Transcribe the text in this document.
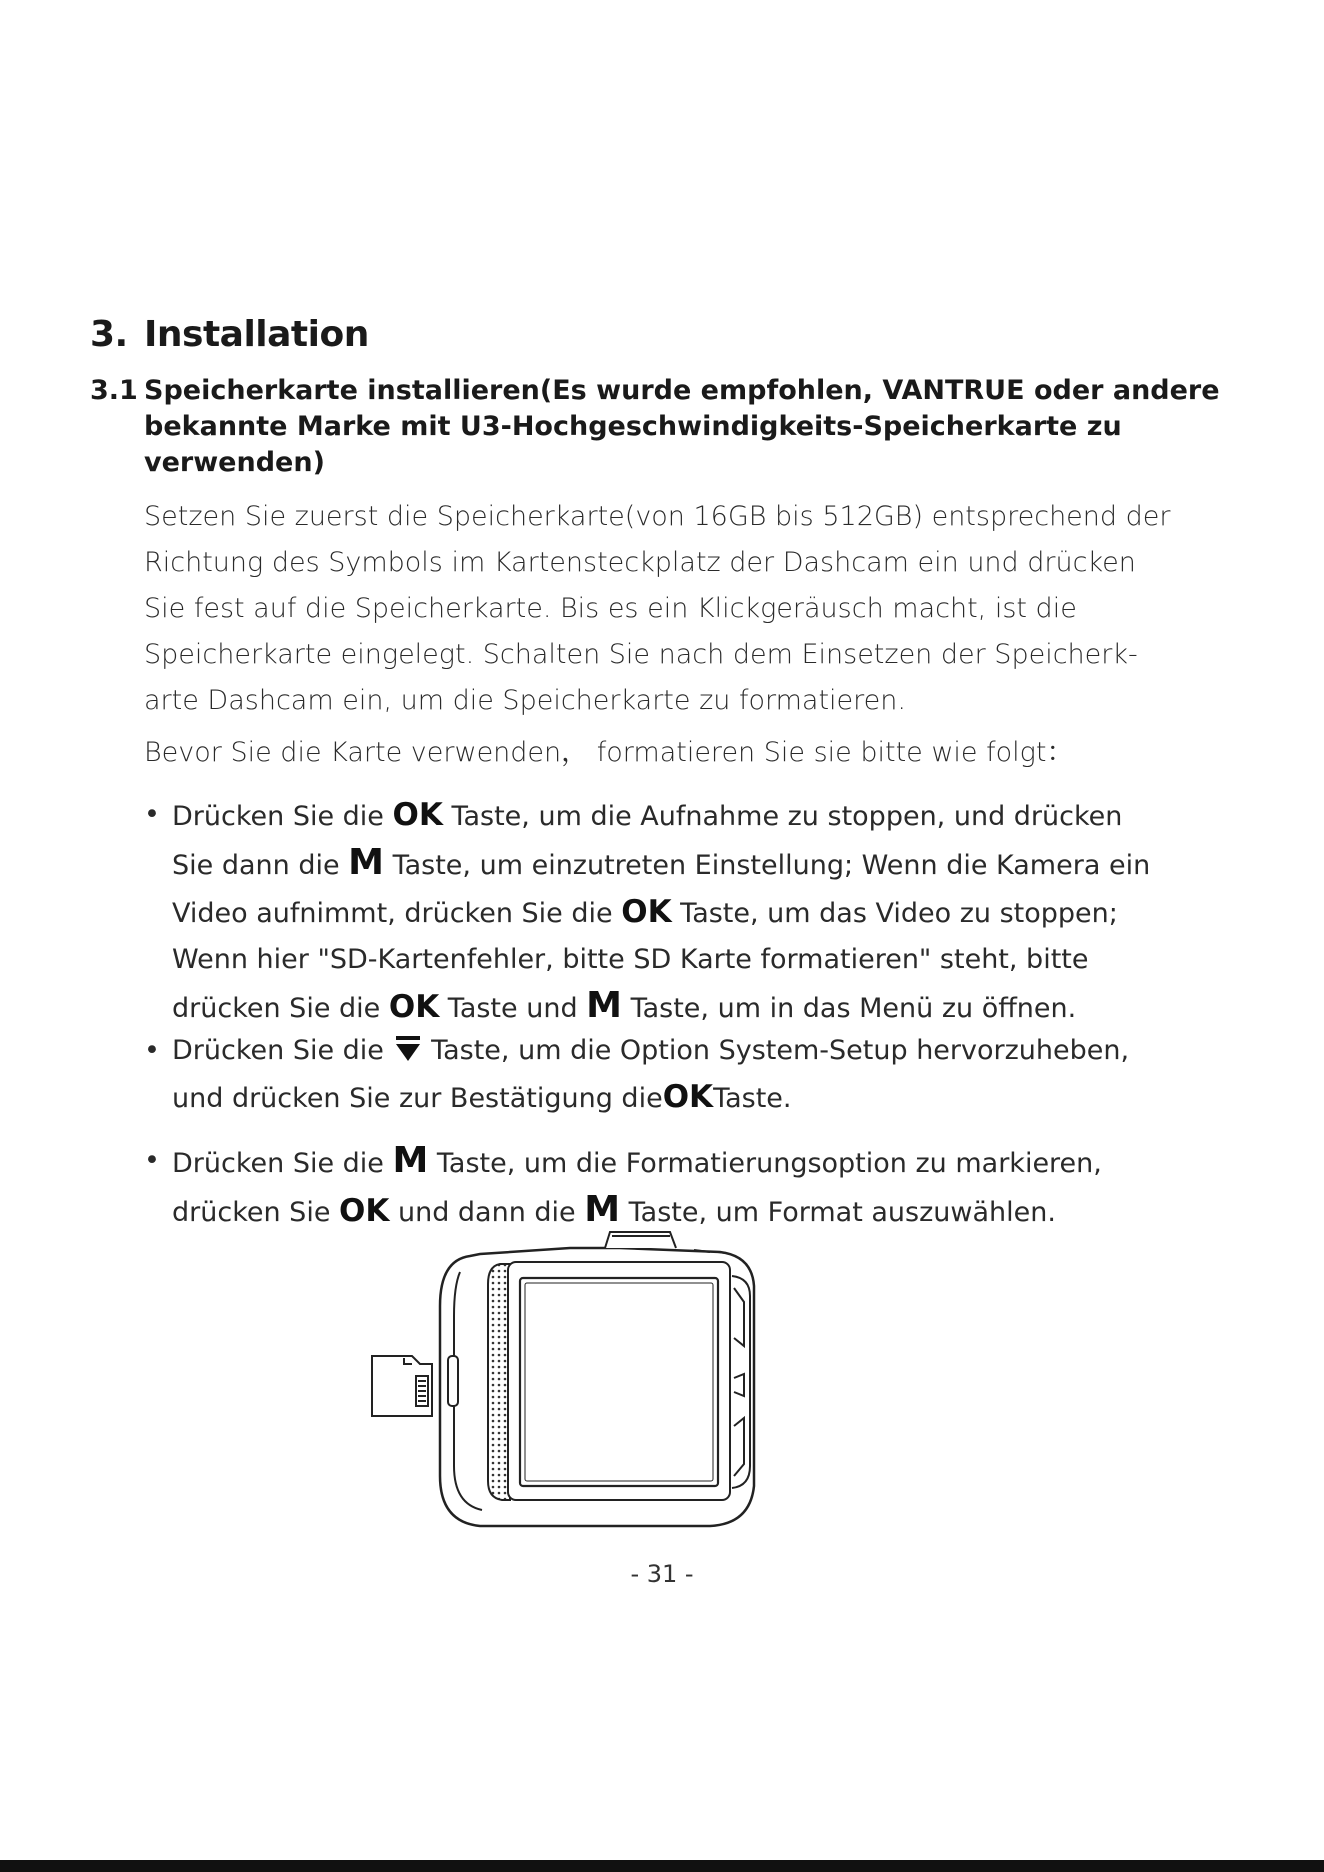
3. Installation
3.1 Speicherkarte installieren(Es wurde empfohlen, VANTRUE oder andere
bekannte Marke mit U3-Hochgeschwindigkeits-Speicherkarte zu
verwenden)
Setzen Sie zuerst die Speicherkarte(von 16GB bis 512GB) entsprechend der
Richtung des Symbols im Kartensteckplatz der Dashcam ein und drücken
Sie fest auf die Speicherkarte. Bis es ein Klickgeräusch macht, ist die
Speicherkarte eingelegt. Schalten Sie nach dem Einsetzen der Speicherk-
arte Dashcam ein, um die Speicherkarte zu formatieren.
Bevor Sie die Karte verwenden， formatieren Sie sie bitte wie folgt：
• Drücken Sie die OK Taste, um die Aufnahme zu stoppen, und drücken
Sie dann die M Taste, um einzutreten Einstellung; Wenn die Kamera ein
Video aufnimmt, drücken Sie die OK Taste, um das Video zu stoppen;
Wenn hier "SD-Kartenfehler, bitte SD Karte formatieren" steht, bitte
drücken Sie die OK Taste und M Taste, um in das Menü zu öffnen.
• Drücken Sie die  Taste, um die Option System-Setup hervorzuheben,
und drücken Sie zur Bestätigung dieOKTaste.
• Drücken Sie die M Taste, um die Formatierungsoption zu markieren,
drücken Sie OK und dann die M Taste, um Format auszuwählen.
- 31 -
